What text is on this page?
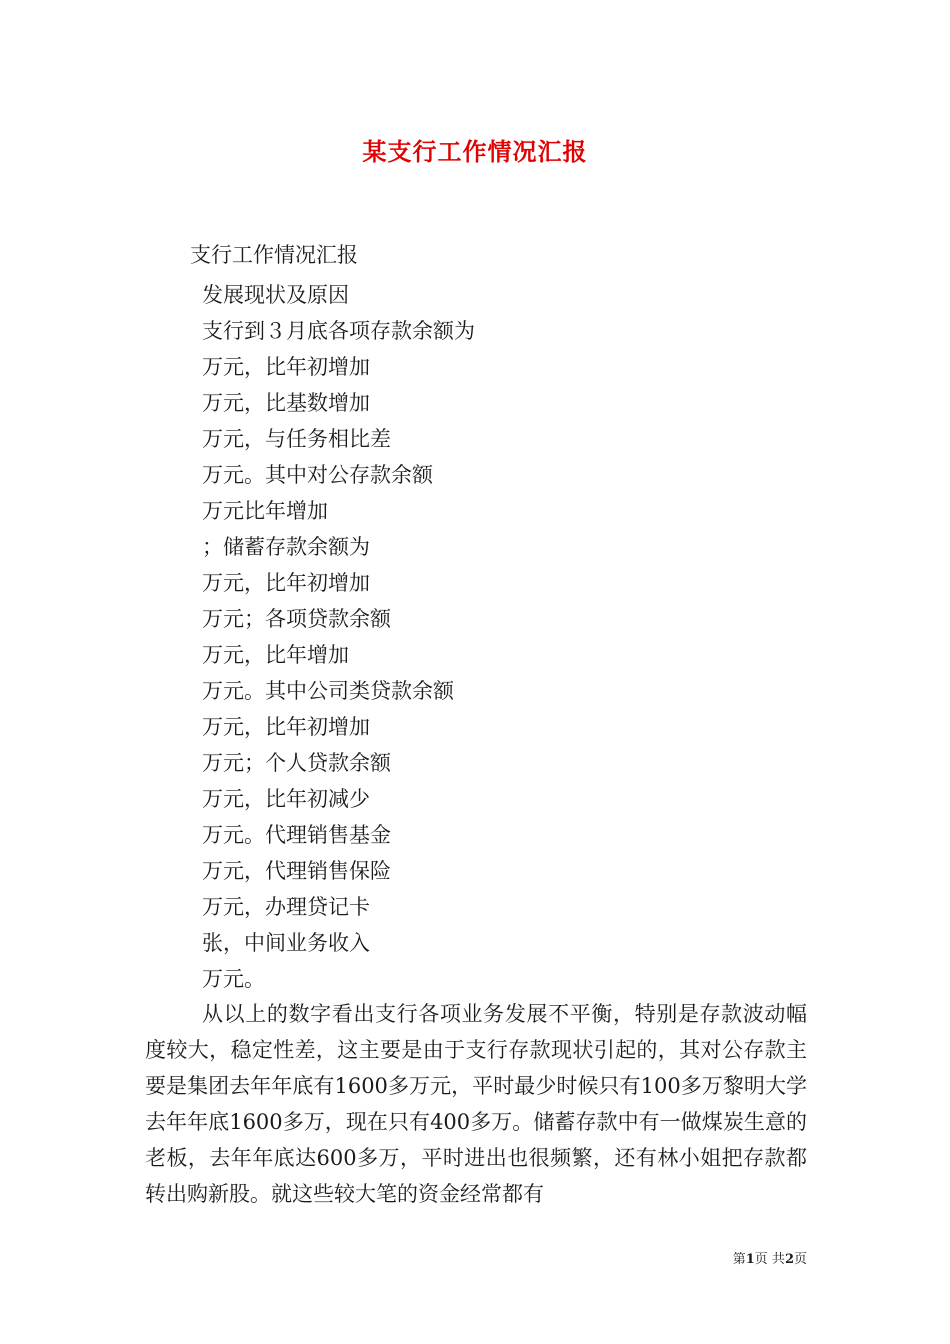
某支行工作情况汇报
支行工作情况汇报
发展现状及原因
支行到３月底各项存款余额为
万元，比年初增加
万元，比基数增加
万元，与任务相比差
万元。其中对公存款余额
万元比年增加
；储蓄存款余额为
万元，比年初增加
万元；各项贷款余额
万元，比年增加
万元。其中公司类贷款余额
万元，比年初增加
万元；个人贷款余额
万元，比年初减少
万元。代理销售基金
万元，代理销售保险
万元，办理贷记卡
张，中间业务收入
万元。

从以上的数字看出支行各项业务发展不平衡，特别是存款波动幅度较大，稳定性差，这主要是由于支行存款现状引起的，其对公存款主要是集团去年年底有1600多万元，平时最少时候只有100多万黎明大学去年年底1600多万，现在只有400多万。储蓄存款中有一做煤炭生意的老板，去年年底达600多万，平时进出也很频繁，还有林小姐把存款都转出购新股。就这些较大笔的资金经常都有

第1页 共2页
